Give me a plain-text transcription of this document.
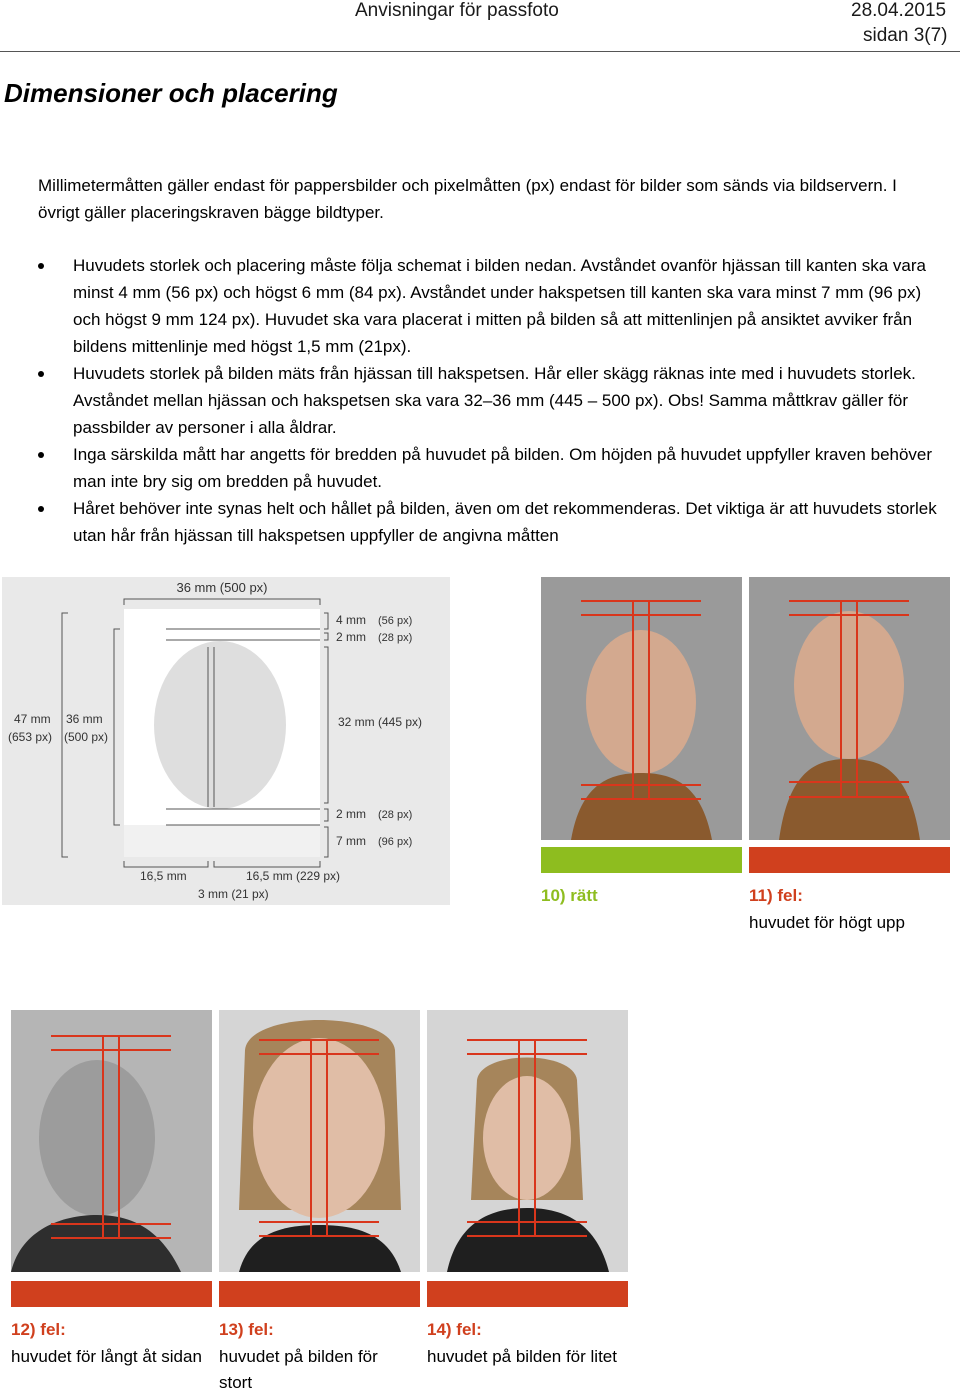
Anvisningar för passfoto	28.04.2015
sidan 3(7)
Dimensioner och placering
Millimetermåtten gäller endast för pappersbilder och pixelmåtten (px) endast för bilder som sänds via bildservern. I övrigt gäller placeringskraven bägge bildtyper.
Huvudets storlek och placering måste följa schemat i bilden nedan. Avståndet ovanför hjässan till kanten ska vara minst 4 mm (56 px) och högst 6 mm (84 px). Avståndet under hakspetsen till kanten ska vara minst 7 mm (96 px) och högst 9 mm 124 px). Huvudet ska vara placerat i mitten på bilden så att mittenlinjen på ansiktet avviker från bildens mittenlinje med högst 1,5 mm (21px).
Huvudets storlek på bilden mäts från hjässan till hakspetsen. Hår eller skägg räknas inte med i huvudets storlek. Avståndet mellan hjässan och hakspetsen ska vara 32–36 mm (445 – 500 px). Obs! Samma måttkrav gäller för passbilder av personer i alla åldrar.
Inga särskilda mått har angetts för bredden på huvudet på bilden. Om höjden på huvudet uppfyller kraven behöver man inte bry sig om bredden på huvudet.
Håret behöver inte synas helt och hållet på bilden, även om det rekommenderas. Det viktiga är att huvudets storlek utan hår från hjässan till hakspetsen uppfyller de angivna måtten
36 mm (500 px)
4 mm (56 px)
2 mm (28 px)
32 mm (445 px)
2 mm (28 px)
7 mm (96 px)
47 mm
(653 px)
36 mm
(500 px)
16,5 mm	16,5 mm (229 px)
3 mm (21 px)	10) rätt	11) fel:
huvudet för högt upp
12) fel:
huvudet för långt åt sidan
13) fel:
huvudet på bilden för stort
14) fel:
huvudet på bilden för litet
